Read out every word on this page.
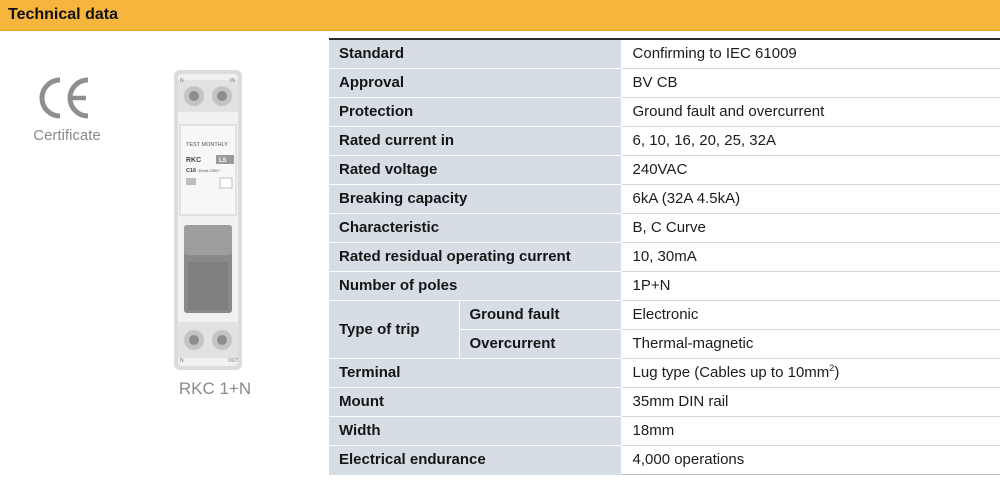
Technical data
Certificate
N	IN
TEST MONTHLY
RKC	LS
C16 30mA 240V~
N	OUT
RKC 1+N
Standard		Confirming to IEC 61009
Approval		BV CB
Protection		Ground fault and overcurrent
Rated current in		6, 10, 16, 20, 25, 32A
Rated voltage		240VAC
Breaking capacity		6kA (32A 4.5kA)
Characteristic		B, C Curve
Rated residual operating current		10, 30mA
Number of poles		1P+N
Type of trip	Ground fault	Electronic
	Overcurrent	Thermal-magnetic
Terminal		Lug type (Cables up to $10mm^2$)
Mount		35mm DIN rail
Width		18mm
Electrical endurance		4,000 operations
